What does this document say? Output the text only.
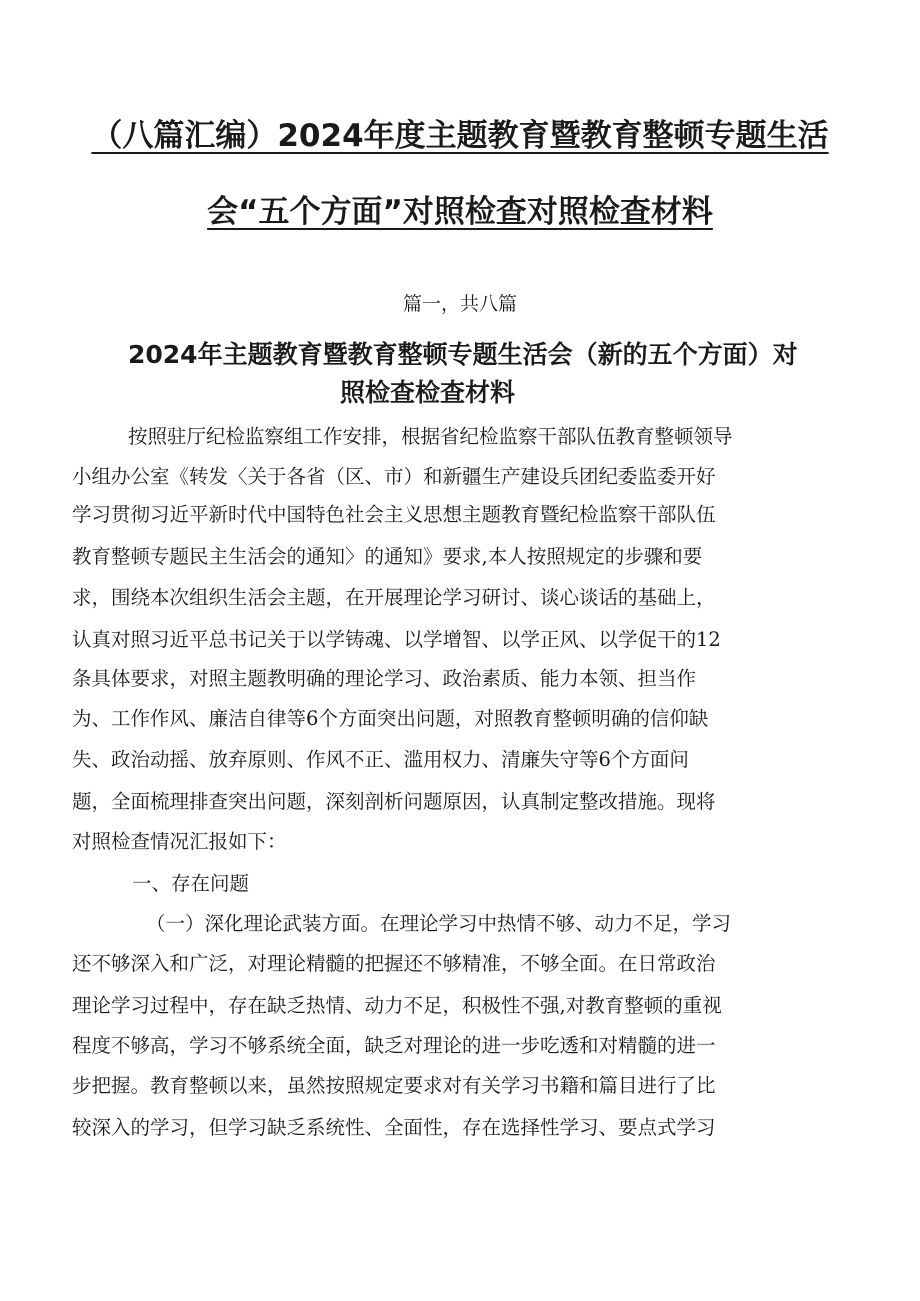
（八篇汇编）2024年度主题教育暨教育整顿专题生活
会“五个方面”对照检查对照检查材料

篇一，共八篇

2024年主题教育暨教育整顿专题生活会（新的五个方面）对
照检查检查材料

按照驻厅纪检监察组工作安排，根据省纪检监察干部队伍教育整顿领导

小组办公室《转发〈关于各省（区、市）和新疆生产建设兵团纪委监委开好

学习贯彻习近平新时代中国特色社会主义思想主题教育暨纪检监察干部队伍

教育整顿专题民主生活会的通知〉的通知》要求,本人按照规定的步骤和要

求，围绕本次组织生活会主题，在开展理论学习研讨、谈心谈话的基础上，

认真对照习近平总书记关于以学铸魂、以学增智、以学正风、以学促干的12

条具体要求，对照主题教明确的理论学习、政治素质、能力本领、担当作

为、工作作风、廉洁自律等6个方面突出问题，对照教育整顿明确的信仰缺

失、政治动摇、放弃原则、作风不正、滥用权力、清廉失守等6个方面问

题，全面梳理排查突出问题，深刻剖析问题原因，认真制定整改措施。现将

对照检查情况汇报如下：

一、存在问题

（一）深化理论武装方面。在理论学习中热情不够、动力不足，学习

还不够深入和广泛，对理论精髓的把握还不够精准，不够全面。在日常政治

理论学习过程中，存在缺乏热情、动力不足，积极性不强,对教育整顿的重视

程度不够高，学习不够系统全面，缺乏对理论的进一步吃透和对精髓的进一

步把握。教育整顿以来，虽然按照规定要求对有关学习书籍和篇目进行了比

较深入的学习，但学习缺乏系统性、全面性，存在选择性学习、要点式学习
